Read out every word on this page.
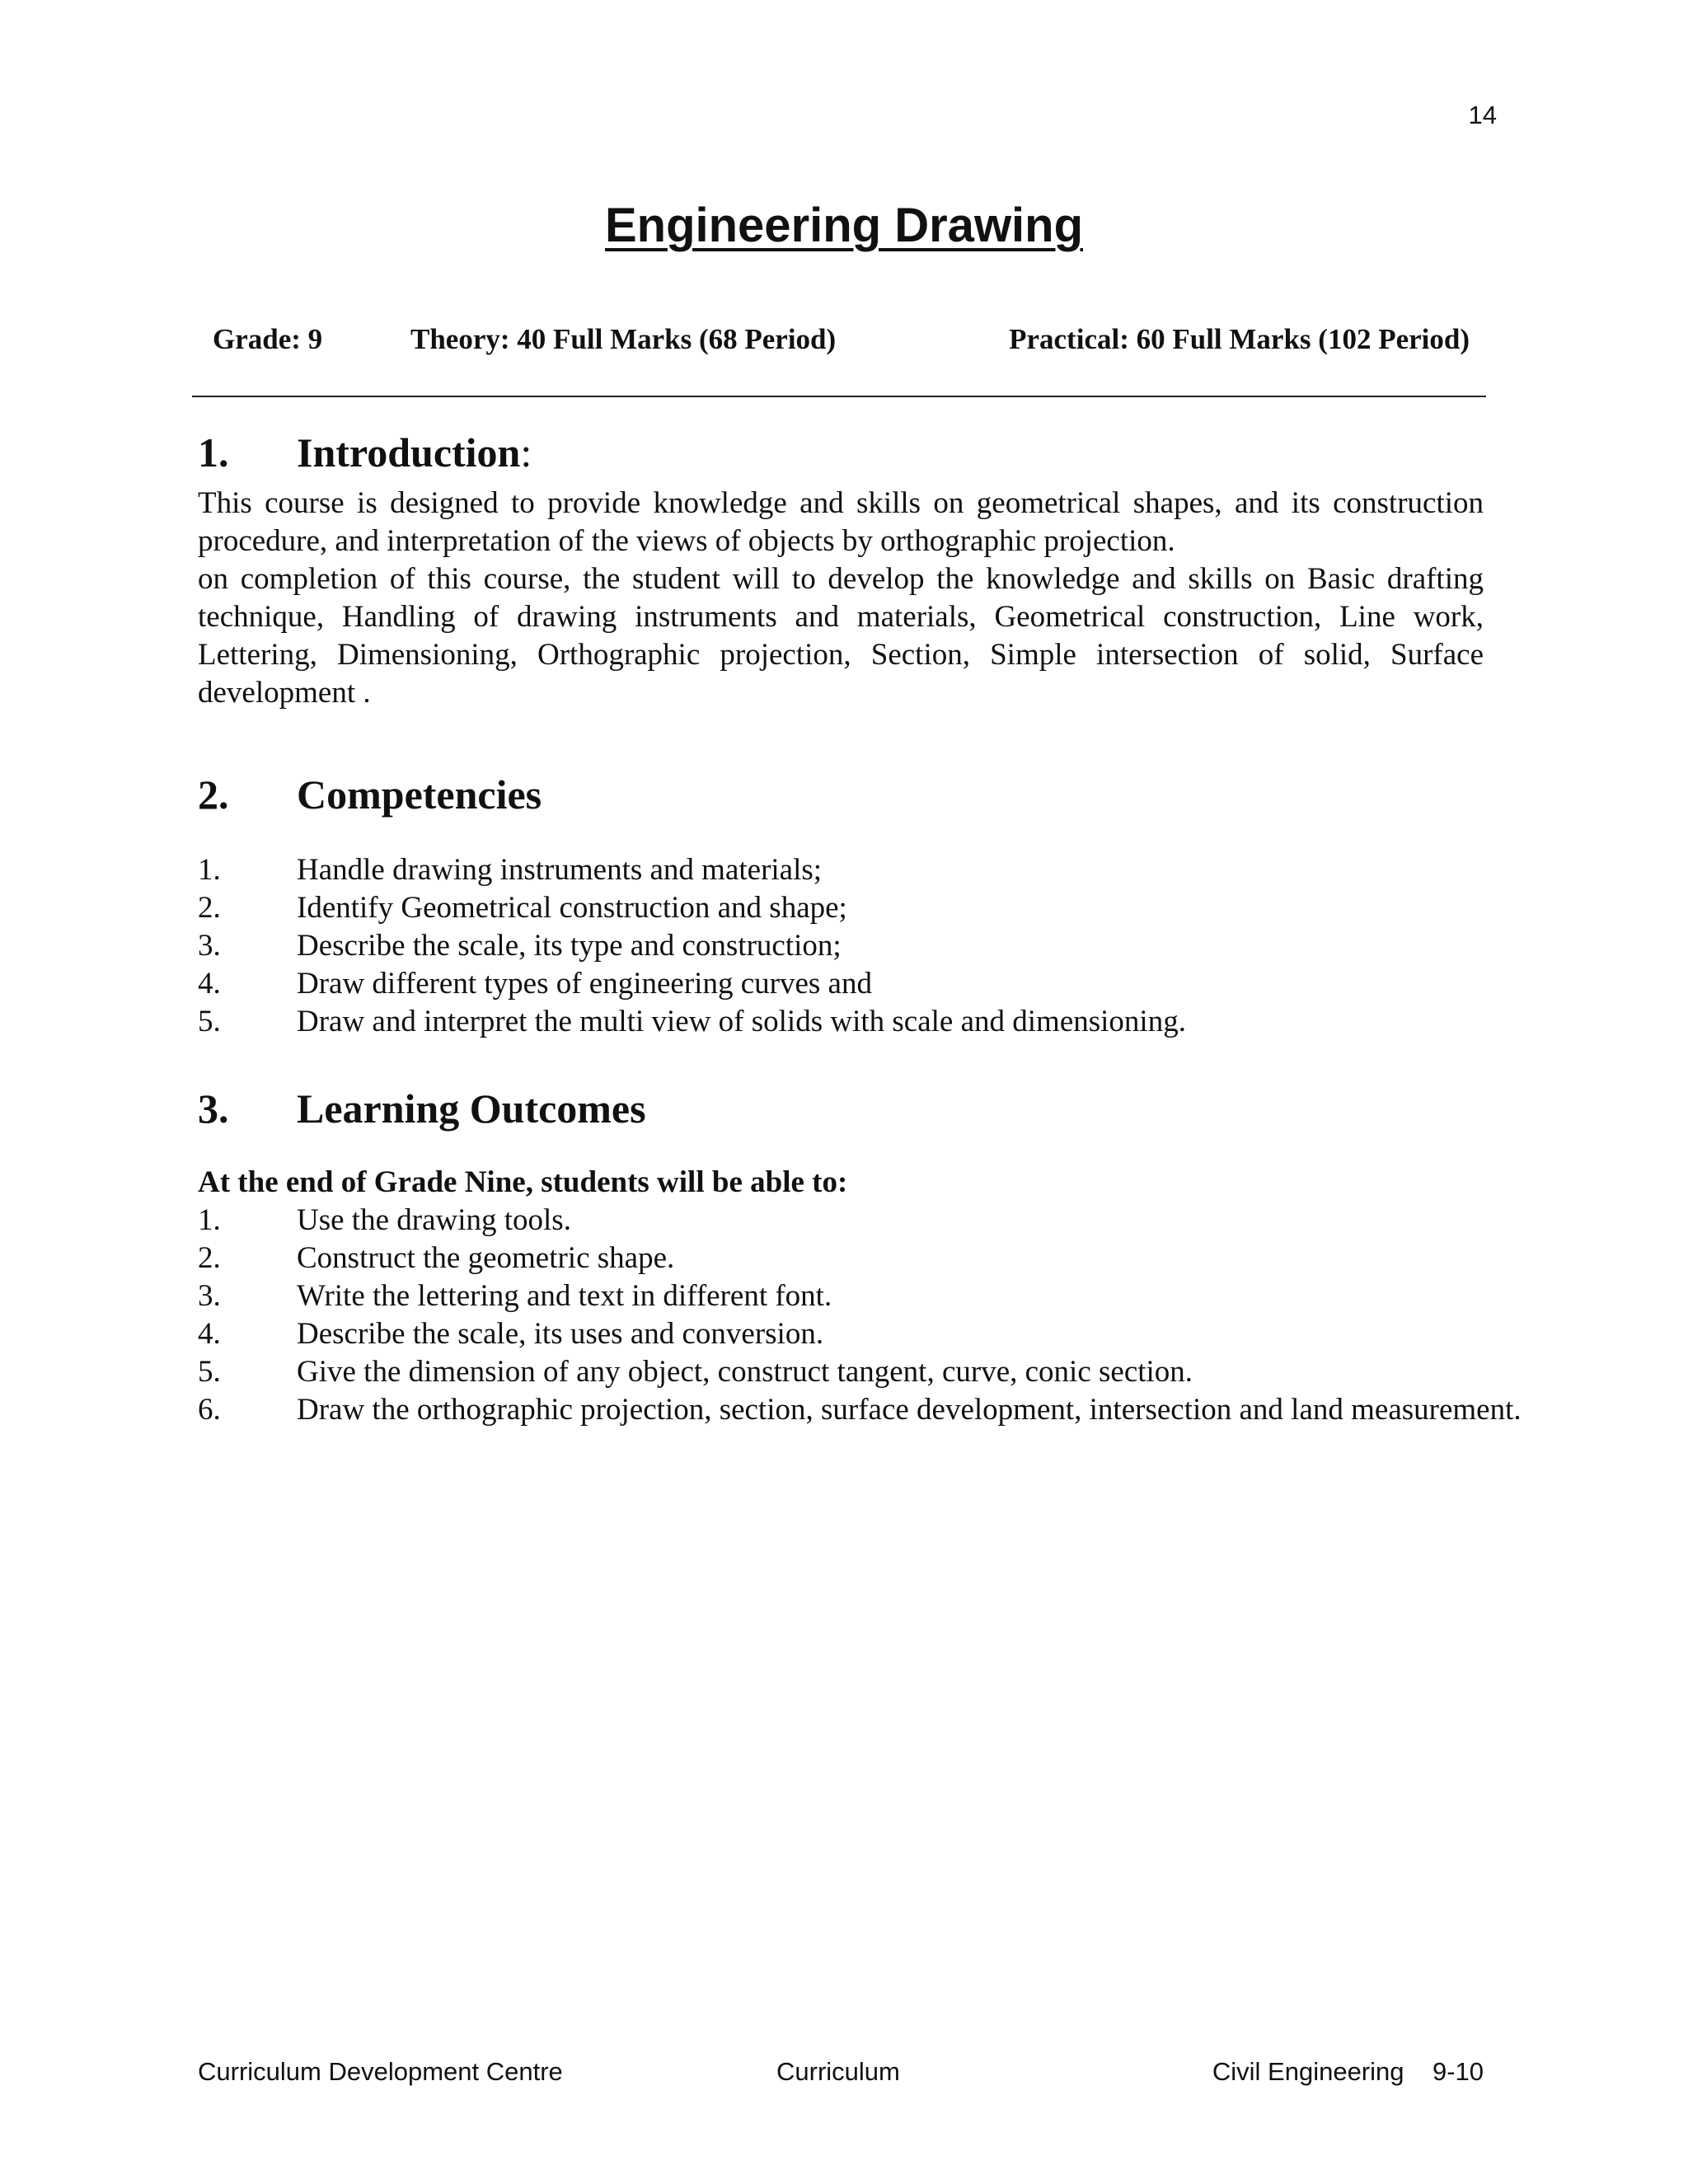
14
Engineering Drawing
Grade: 9	Theory: 40 Full Marks (68 Period)	Practical: 60 Full Marks (102 Period)
1. Introduction:

This course is designed to provide knowledge and skills on geometrical shapes, and its construction procedure, and interpretation of the views of objects by orthographic projection.

on completion of this course, the student will to develop the knowledge and skills on Basic drafting technique, Handling of drawing instruments and materials, Geometrical construction, Line work, Lettering, Dimensioning, Orthographic projection, Section, Simple intersection of solid, Surface development .

2. Competencies
1. Handle drawing instruments and materials;
2. Identify Geometrical construction and shape;
3. Describe the scale, its type and construction;
4. Draw different types of engineering curves and
5. Draw and interpret the multi view of solids with scale and dimensioning.
3. Learning Outcomes
At the end of Grade Nine, students will be able to:
1. Use the drawing tools.
2. Construct the geometric shape.
3. Write the lettering and text in different font.
4. Describe the scale, its uses and conversion.
5. Give the dimension of any object, construct tangent, curve, conic section.
6. Draw the orthographic projection, section, surface development, intersection and land measurement.
Curriculum Development Centre	Curriculum	Civil Engineering    9-10
